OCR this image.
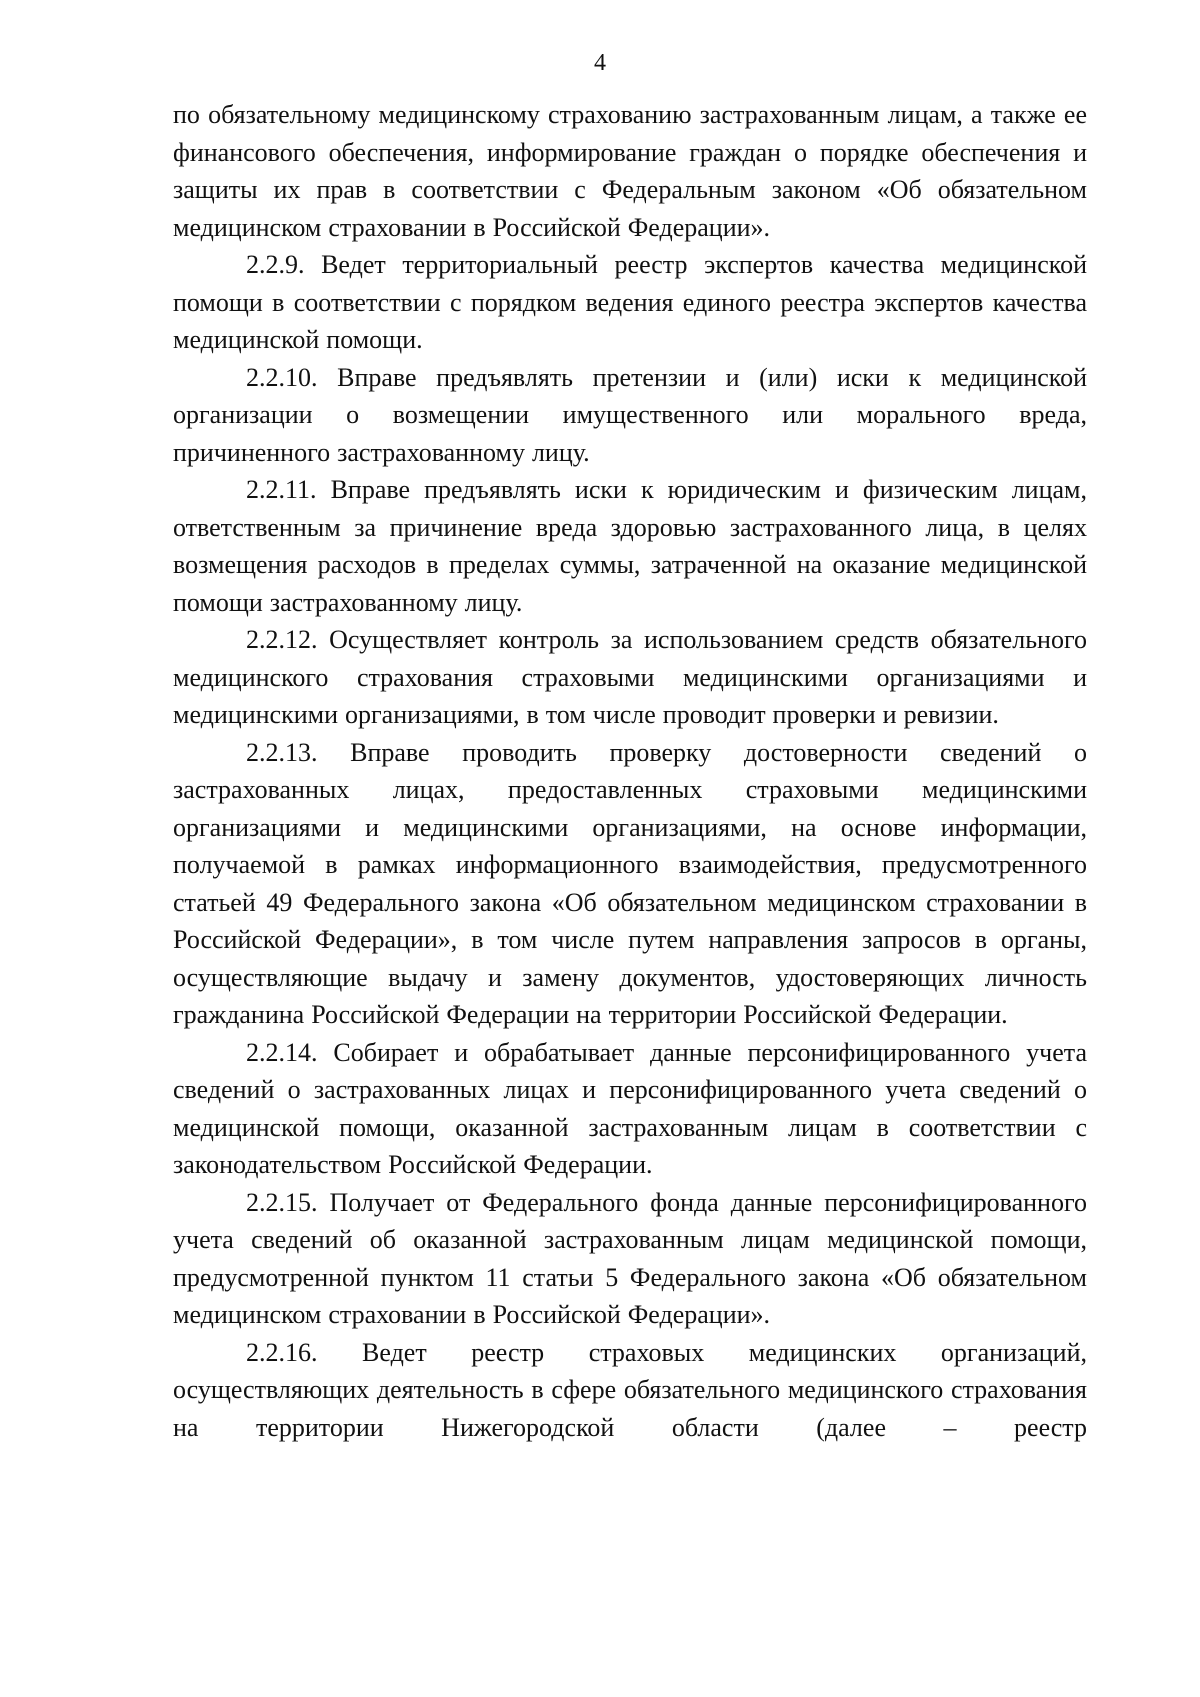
4

по обязательному медицинскому страхованию застрахованным лицам, а также ее финансового обеспечения, информирование граждан о порядке обеспечения и защиты их прав в соответствии с Федеральным законом «Об обязательном медицинском страховании в Российской Федерации».

2.2.9. Ведет территориальный реестр экспертов качества медицинской помощи в соответствии с порядком ведения единого реестра экспертов качества медицинской помощи.

2.2.10. Вправе предъявлять претензии и (или) иски к медицинской организации о возмещении имущественного или морального вреда, причиненного застрахованному лицу.

2.2.11. Вправе предъявлять иски к юридическим и физическим лицам, ответственным за причинение вреда здоровью застрахованного лица, в целях возмещения расходов в пределах суммы, затраченной на оказание медицинской помощи застрахованному лицу.

2.2.12. Осуществляет контроль за использованием средств обязательного медицинского страхования страховыми медицинскими организациями и медицинскими организациями, в том числе проводит проверки и ревизии.

2.2.13. Вправе проводить проверку достоверности сведений о застрахованных лицах, предоставленных страховыми медицинскими организациями и медицинскими организациями, на основе информации, получаемой в рамках информационного взаимодействия, предусмотренного статьей 49 Федерального закона «Об обязательном медицинском страховании в Российской Федерации», в том числе путем направления запросов в органы, осуществляющие выдачу и замену документов, удостоверяющих личность гражданина Российской Федерации на территории Российской Федерации.

2.2.14. Собирает и обрабатывает данные персонифицированного учета сведений о застрахованных лицах и персонифицированного учета сведений о медицинской помощи, оказанной застрахованным лицам в соответствии с законодательством Российской Федерации.

2.2.15. Получает от Федерального фонда данные персонифицированного учета сведений об оказанной застрахованным лицам медицинской помощи, предусмотренной пунктом 11 статьи 5 Федерального закона «Об обязательном медицинском страховании в Российской Федерации».

2.2.16. Ведет реестр страховых медицинских организаций, осуществляющих деятельность в сфере обязательного медицинского страхования на территории Нижегородской области (далее – реестр
